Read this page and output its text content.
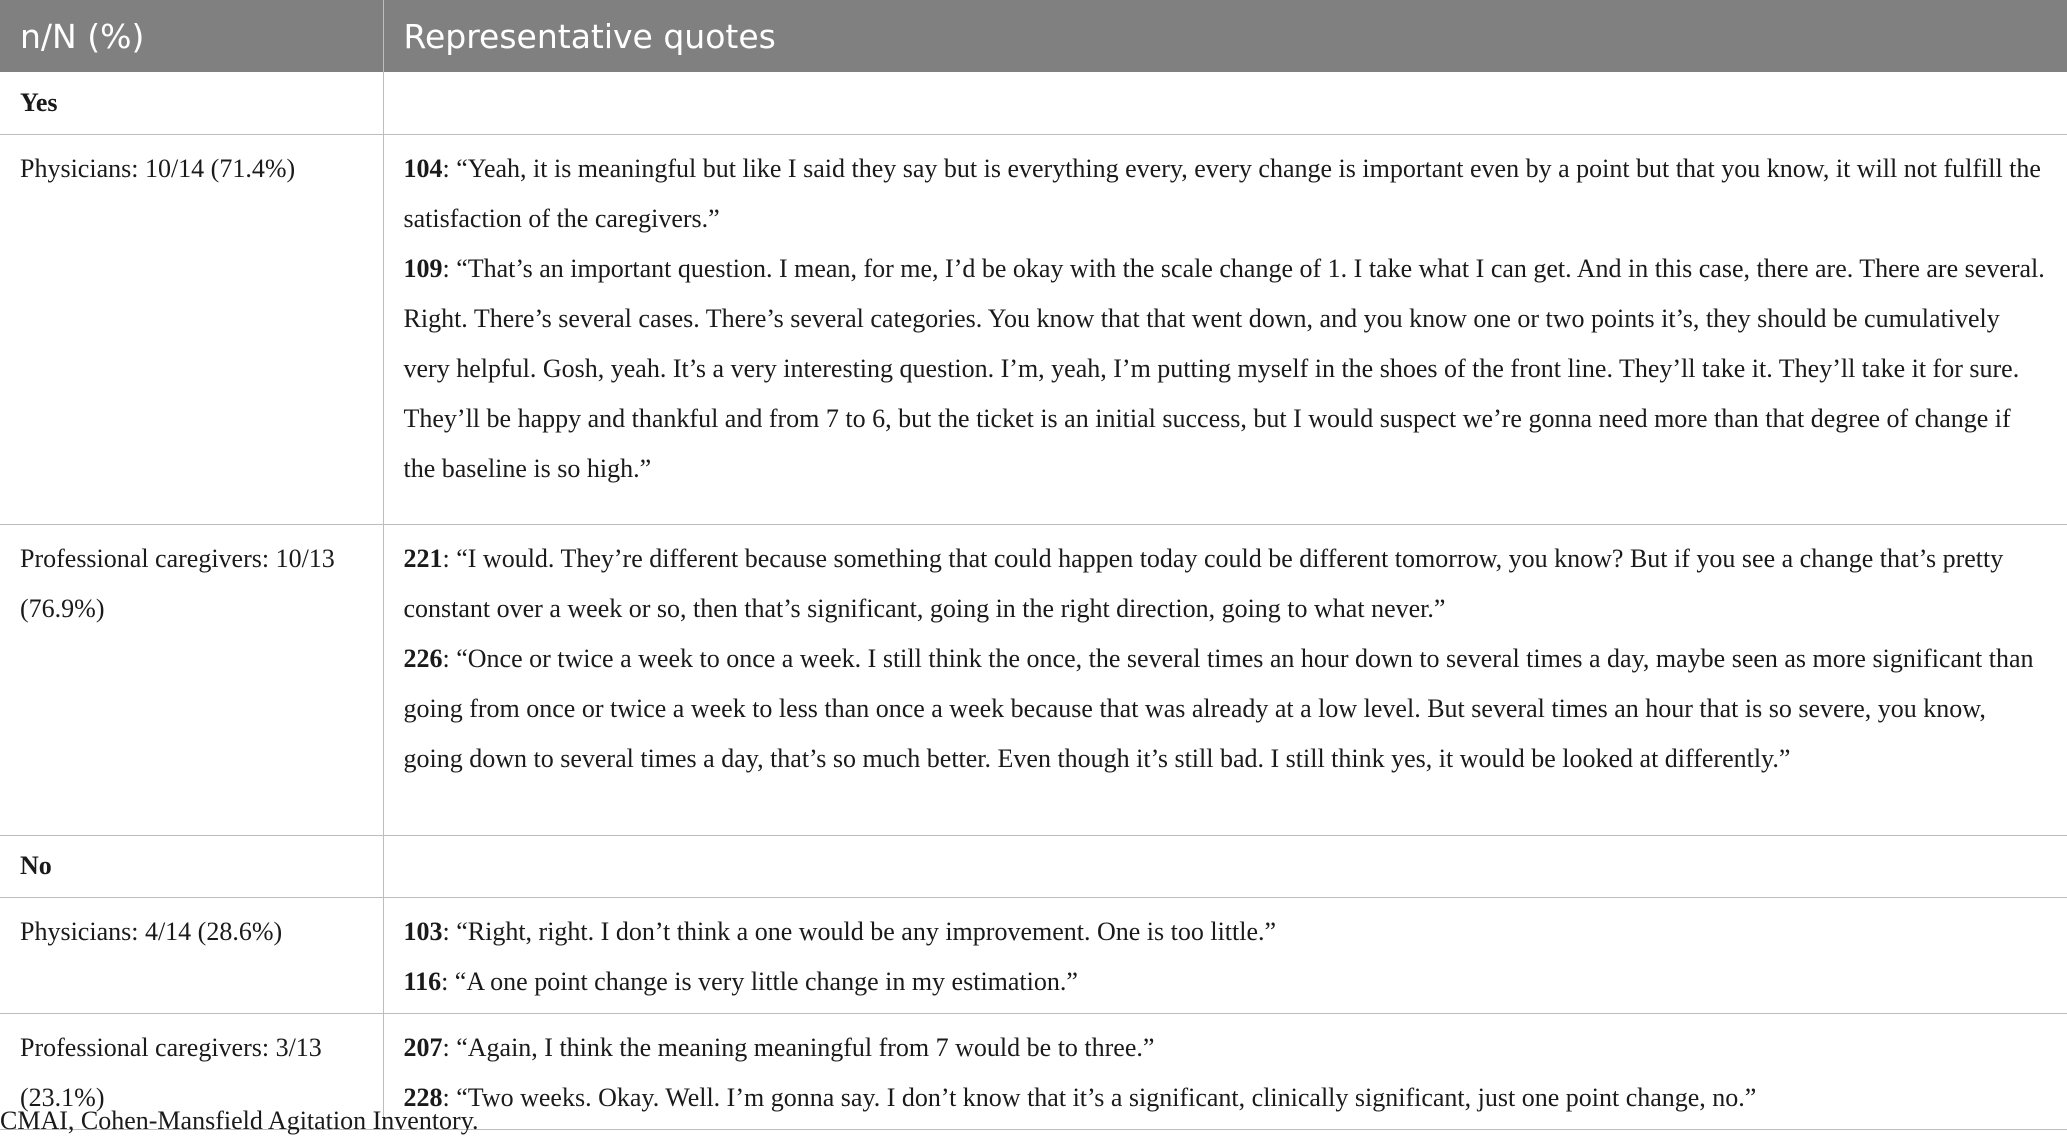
n/N (%)	Representative quotes
Yes	
Physicians: 10/14 (71.4%)	104: “Yeah, it is meaningful but like I said they say but is everything every, every change is important even by a point but that you know, it will not fulfill the satisfaction of the caregivers.”
109: “That’s an important question. I mean, for me, I’d be okay with the scale change of 1. I take what I can get. And in this case, there are. There are several. Right. There’s several cases. There’s several categories. You know that that went down, and you know one or two points it’s, they should be cumulatively very helpful. Gosh, yeah. It’s a very interesting question. I’m, yeah, I’m putting myself in the shoes of the front line. They’ll take it. They’ll take it for sure. They’ll be happy and thankful and from 7 to 6, but the ticket is an initial success, but I would suspect we’re gonna need more than that degree of change if the baseline is so high.”

Professional caregivers: 10/13 (76.9%)	221: “I would. They’re different because something that could happen today could be different tomorrow, you know? But if you see a change that’s pretty constant over a week or so, then that’s significant, going in the right direction, going to what never.”
226: “Once or twice a week to once a week. I still think the once, the several times an hour down to several times a day, maybe seen as more significant than going from once or twice a week to less than once a week because that was already at a low level. But several times an hour that is so severe, you know, going down to several times a day, that’s so much better. Even though it’s still bad. I still think yes, it would be looked at differently.”

No	
Physicians: 4/14 (28.6%)	103: “Right, right. I don’t think a one would be any improvement. One is too little.”
116: “A one point change is very little change in my estimation.”

Professional caregivers: 3/13 (23.1%)	207: “Again, I think the meaning meaningful from 7 would be to three.”
228: “Two weeks. Okay. Well. I’m gonna say. I don’t know that it’s a significant, clinically significant, just one point change, no.”
CMAI, Cohen-Mansfield Agitation Inventory.
